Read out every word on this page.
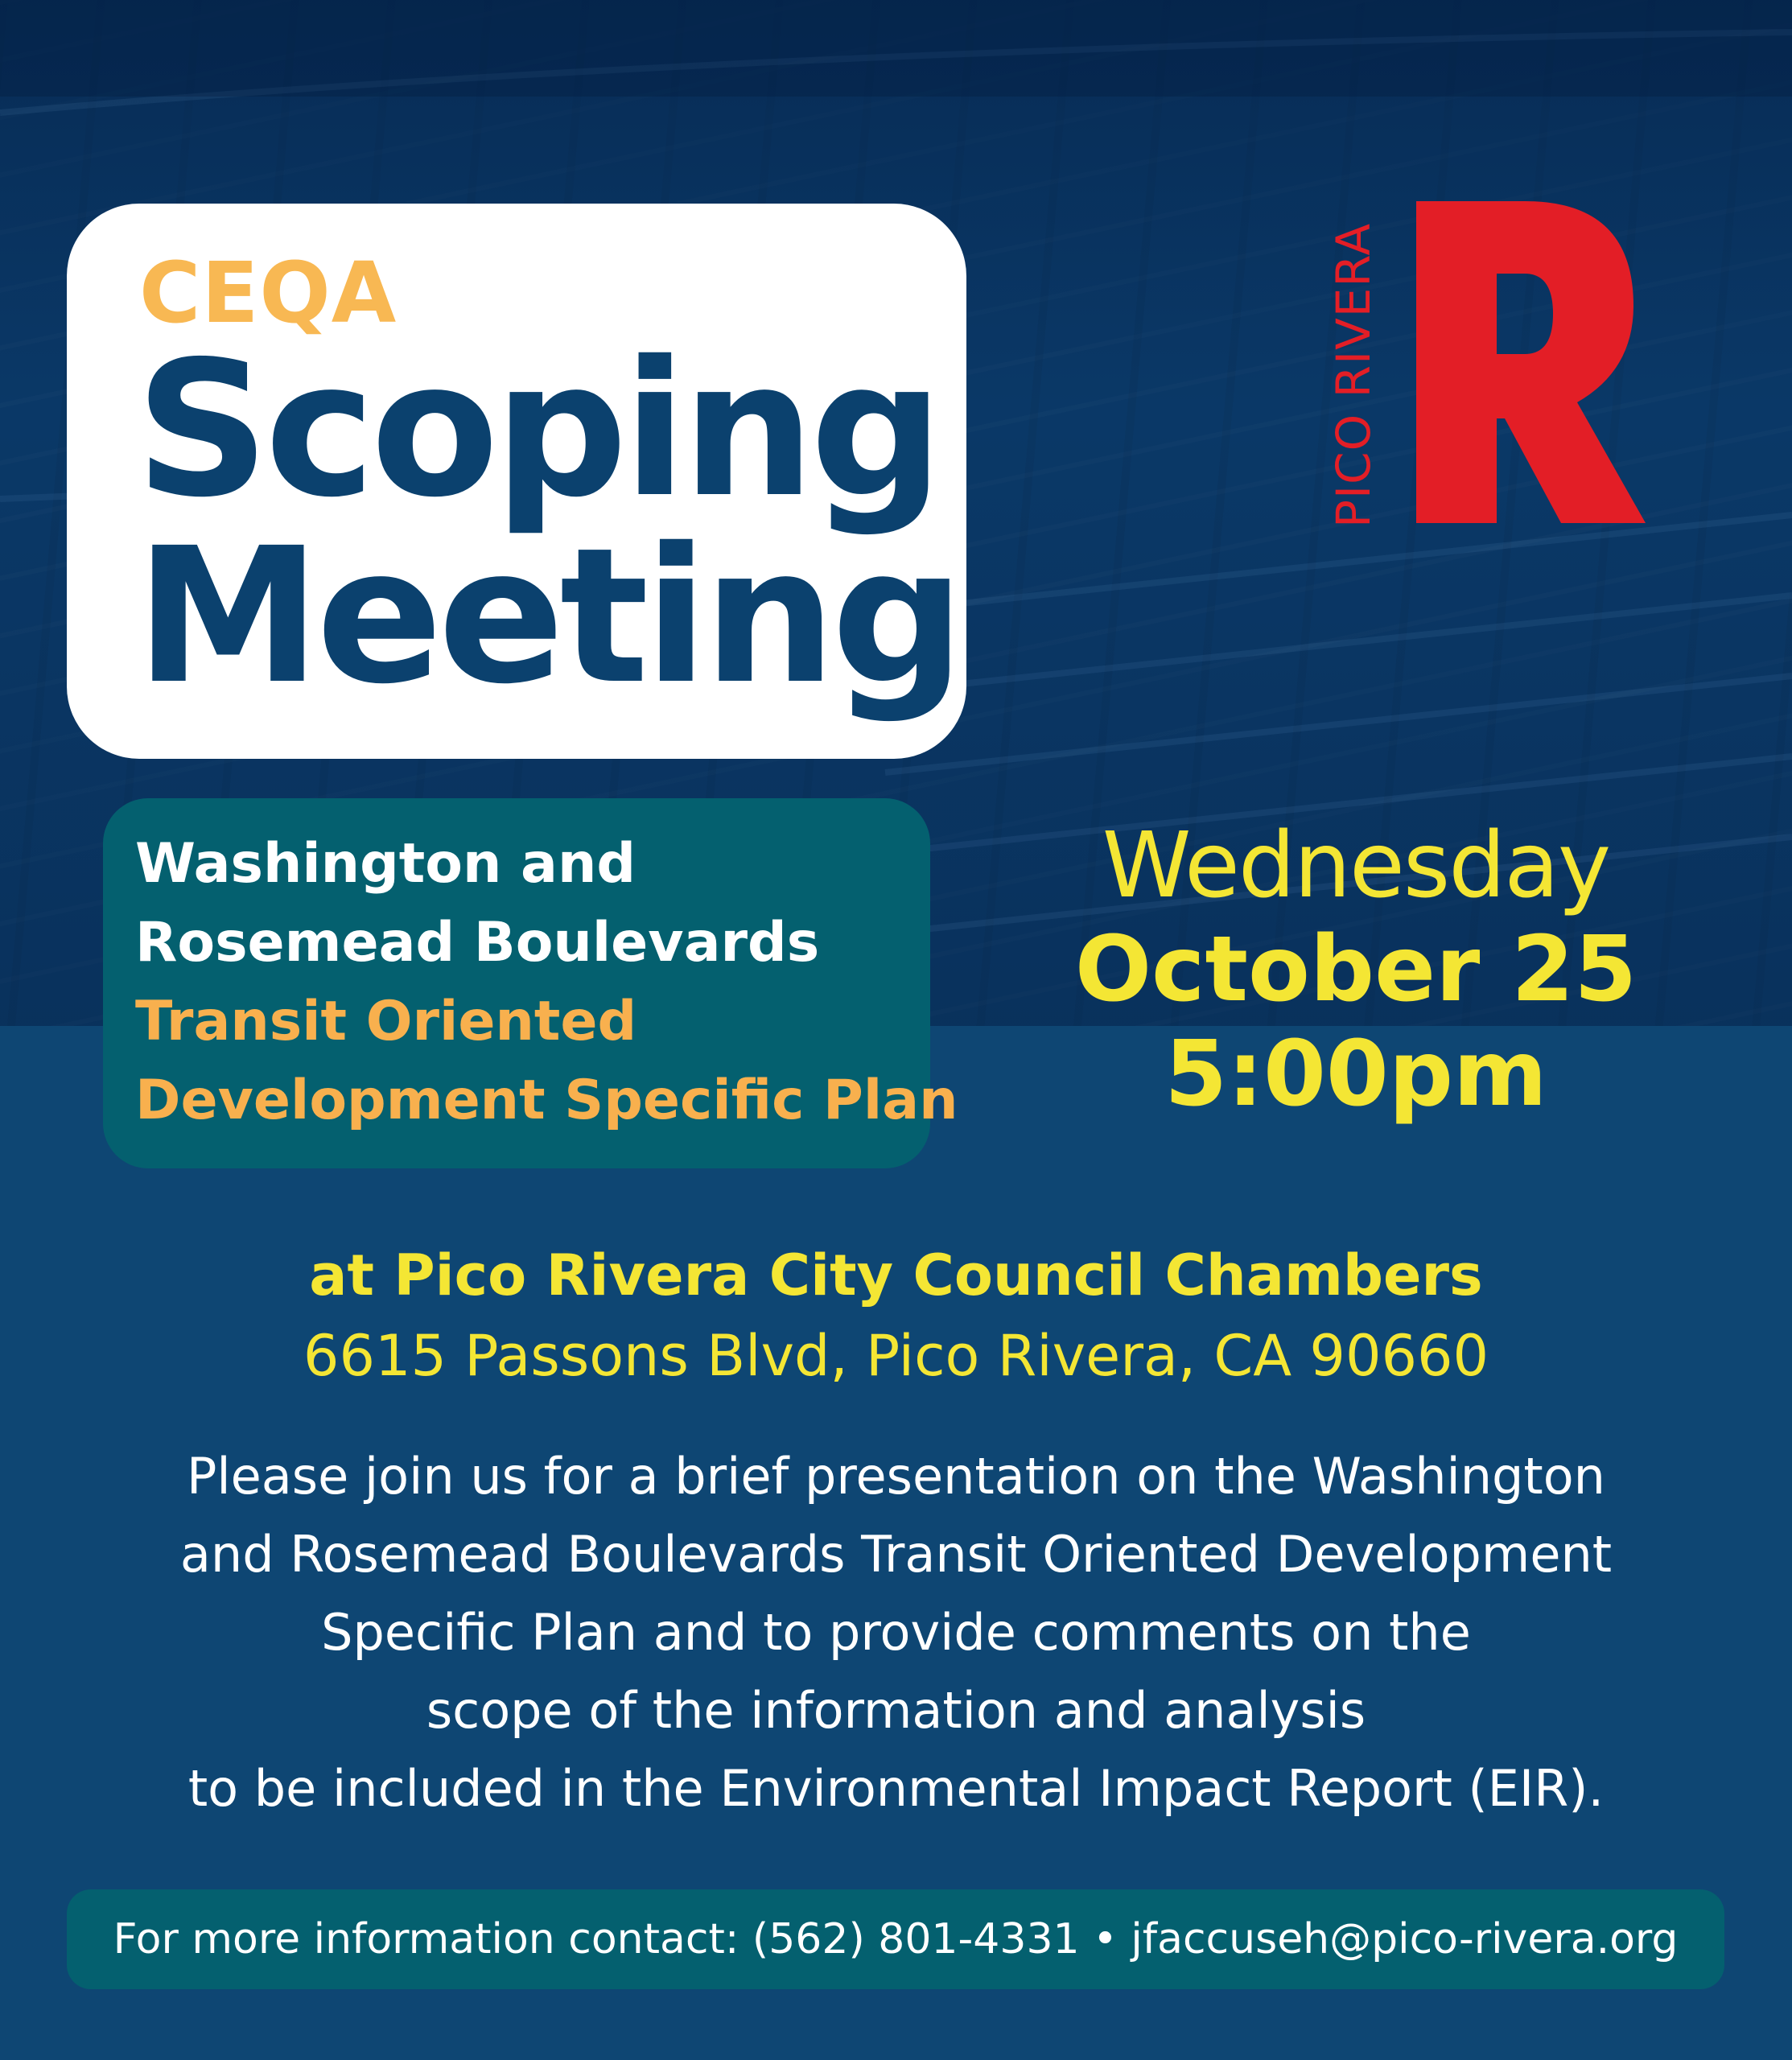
CEQA
Scoping
Meeting
PICO RIVERA
Washington and
Rosemead Boulevards
Transit Oriented
Development Specific Plan
Wednesday
October 25
5:00pm
at Pico Rivera City Council Chambers
6615 Passons Blvd, Pico Rivera, CA 90660
Please join us for a brief presentation on the Washington
and Rosemead Boulevards Transit Oriented Development
Specific Plan and to provide comments on the
scope of the information and analysis
to be included in the Environmental Impact Report (EIR).
For more information contact: (562) 801-4331 • jfaccuseh@pico-rivera.org
